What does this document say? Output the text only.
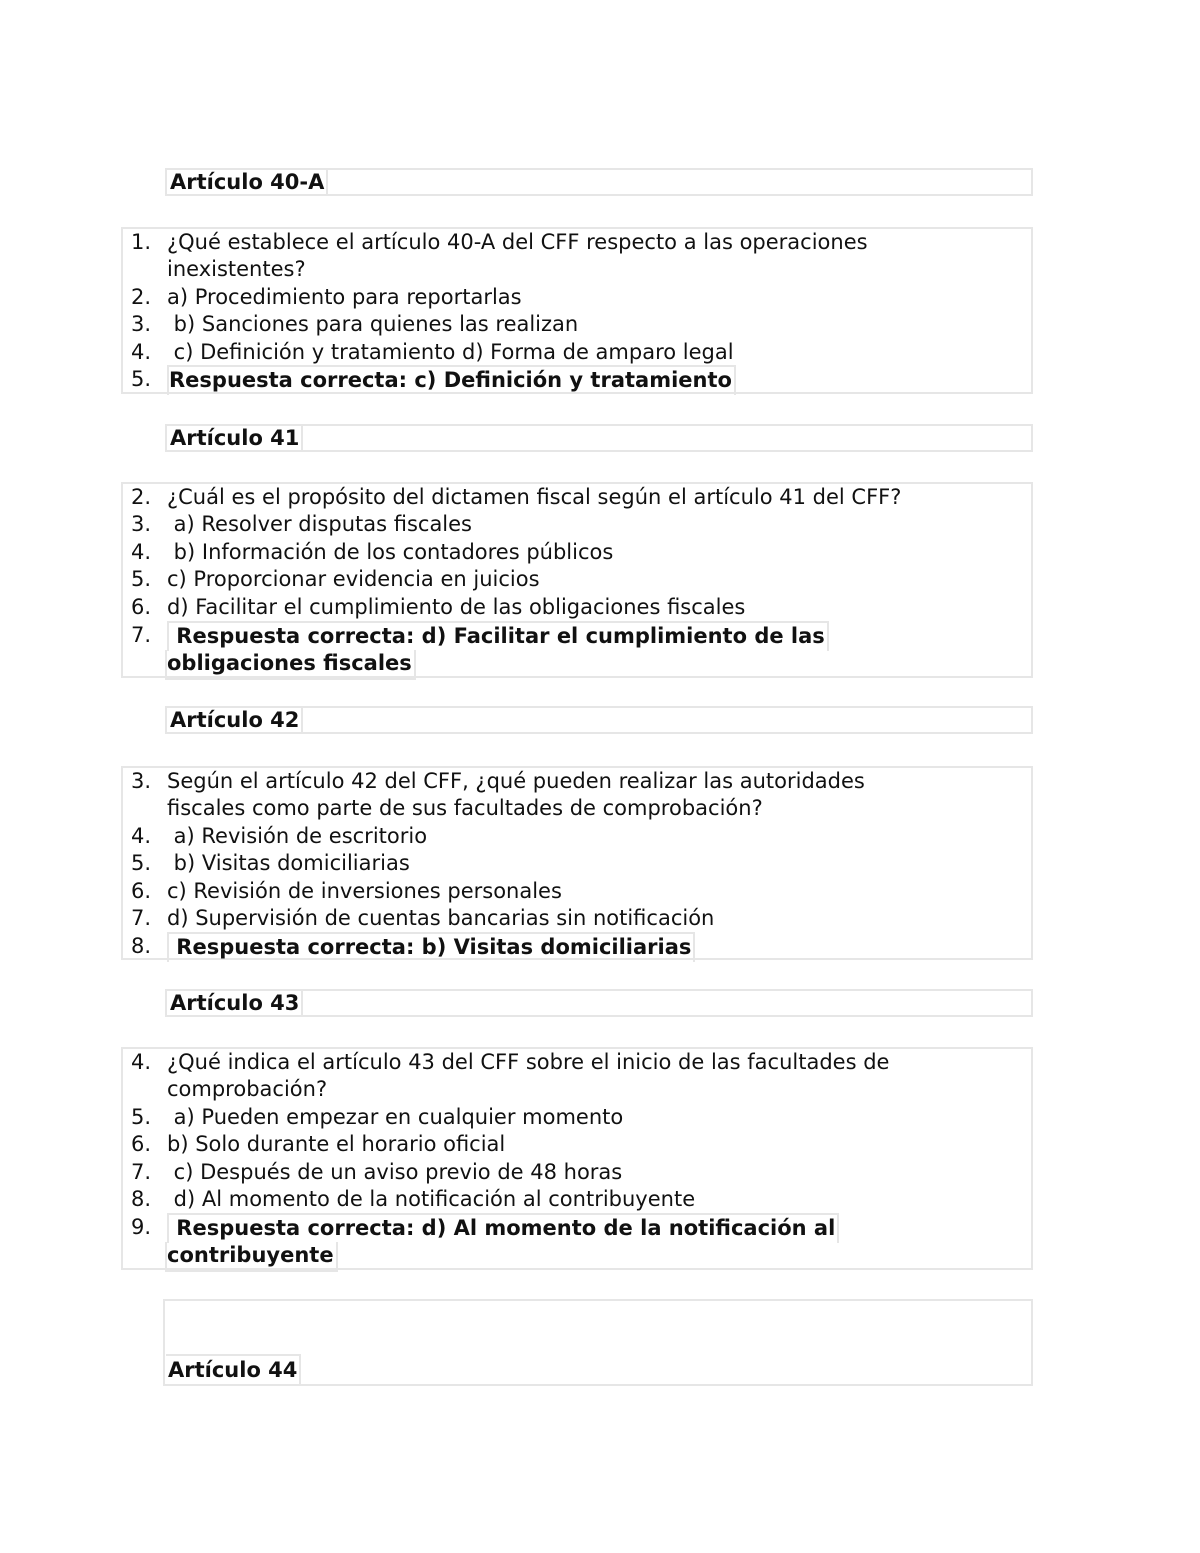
Artículo 40-A
1. ¿Qué establece el artículo 40-A del CFF respecto a las operaciones
inexistentes?
2. a) Procedimiento para reportarlas
3. b) Sanciones para quienes las realizan
4. c) Definición y tratamiento d) Forma de amparo legal
5. Respuesta correcta: c) Definición y tratamiento
Artículo 41
2. ¿Cuál es el propósito del dictamen fiscal según el artículo 41 del CFF?
3. a) Resolver disputas fiscales
4. b) Información de los contadores públicos
5. c) Proporcionar evidencia en juicios
6. d) Facilitar el cumplimiento de las obligaciones fiscales
7. Respuesta correcta: d) Facilitar el cumplimiento de las
obligaciones fiscales
Artículo 42
3. Según el artículo 42 del CFF, ¿qué pueden realizar las autoridades
fiscales como parte de sus facultades de comprobación?
4. a) Revisión de escritorio
5. b) Visitas domiciliarias
6. c) Revisión de inversiones personales
7. d) Supervisión de cuentas bancarias sin notificación
8. Respuesta correcta: b) Visitas domiciliarias
Artículo 43
4. ¿Qué indica el artículo 43 del CFF sobre el inicio de las facultades de
comprobación?
5. a) Pueden empezar en cualquier momento
6. b) Solo durante el horario oficial
7. c) Después de un aviso previo de 48 horas
8. d) Al momento de la notificación al contribuyente
9. Respuesta correcta: d) Al momento de la notificación al
contribuyente
Artículo 44
